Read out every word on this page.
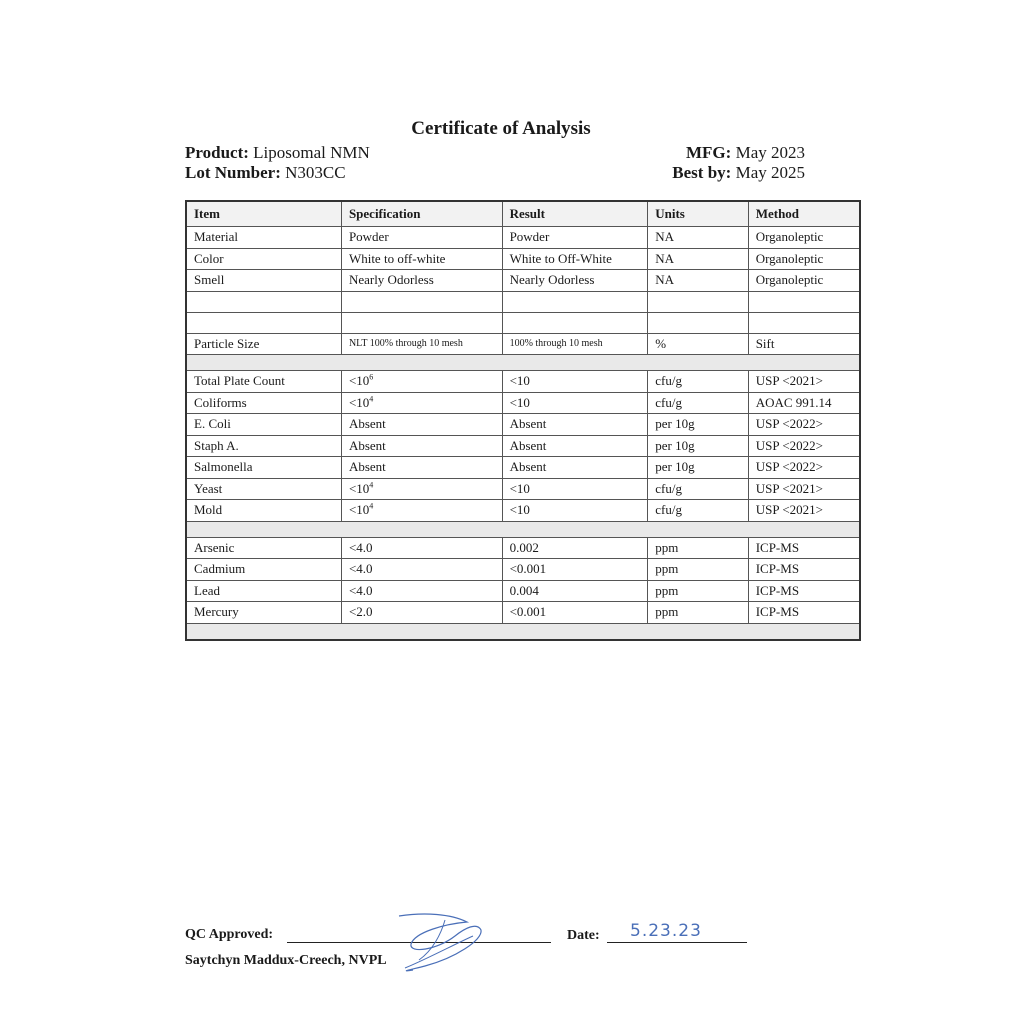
Certificate of Analysis
Product: Liposomal NMN
Lot Number: N303CC
MFG: May 2023
Best by: May 2025
Item	Specification	Result	Units	Method
Material	Powder	Powder	NA	Organoleptic
Color	White to off-white	White to Off-White	NA	Organoleptic
Smell	Nearly Odorless	Nearly Odorless	NA	Organoleptic

Particle Size	NLT 100% through 10 mesh	100% through 10 mesh	%	Sift

Total Plate Count	$<10^6$	<10	cfu/g	USP <2021>
Coliforms	$<10^4$	<10	cfu/g	AOAC 991.14
E. Coli	Absent	Absent	per 10g	USP <2022>
Staph A.	Absent	Absent	per 10g	USP <2022>
Salmonella	Absent	Absent	per 10g	USP <2022>
Yeast	$<10^4$	<10	cfu/g	USP <2021>
Mold	$<10^4$	<10	cfu/g	USP <2021>

Arsenic	<4.0	0.002	ppm	ICP-MS
Cadmium	<4.0	<0.001	ppm	ICP-MS
Lead	<4.0	0.004	ppm	ICP-MS
Mercury	<2.0	<0.001	ppm	ICP-MS

QC Approved:
Saytchyn Maddux-Creech, NVPL
Date: 5.23.23
